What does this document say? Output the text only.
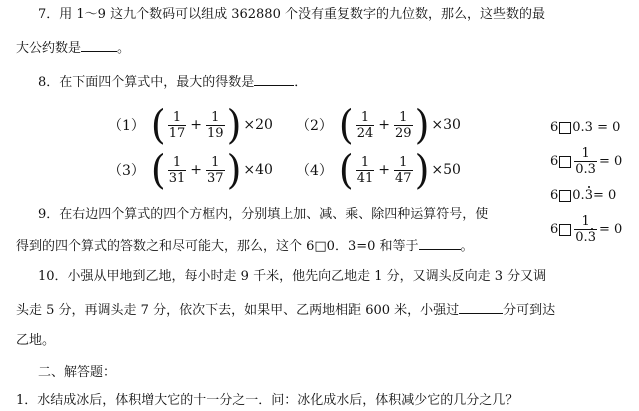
7．用 1～9 这九个数码可以组成 362880 个没有重复数字的九位数，那么，这些数的最
大公约数是	。
8．在下面四个算式中，最大的得数是	．
（1） ( $\frac{1}{17} + \frac{1}{19}$ ) ×20 （2） ( $\frac{1}{24} + \frac{1}{29}$ ) ×30
（3） ( $\frac{1}{31} + \frac{1}{37}$ ) ×40 （4） ( $\frac{1}{41} + \frac{1}{47}$ ) ×50
6 0.3 = 0
$6 \frac{1}{0.3} = 0$
6 0. 3 = 0
$6 \frac{1}{0.3} = 0$
9．在右边四个算式的四个方框内，分别填上加、减、乘、除四种运算符号，使
得到的四个算式的答数之和尽可能大，那么，这个 6□0．3=0 和等于	。
10．小强从甲地到乙地，每小时走 9 千米，他先向乙地走 1 分，又调头反向走 3 分又调
头走 5 分，再调头走 7 分，依次下去，如果甲、乙两地相距 600 米，小强过	分可到达
乙地。
二、解答题：
1．水结成冰后，体积增大它的十一分之一．问：冰化成水后，体积减少它的几分之几？
